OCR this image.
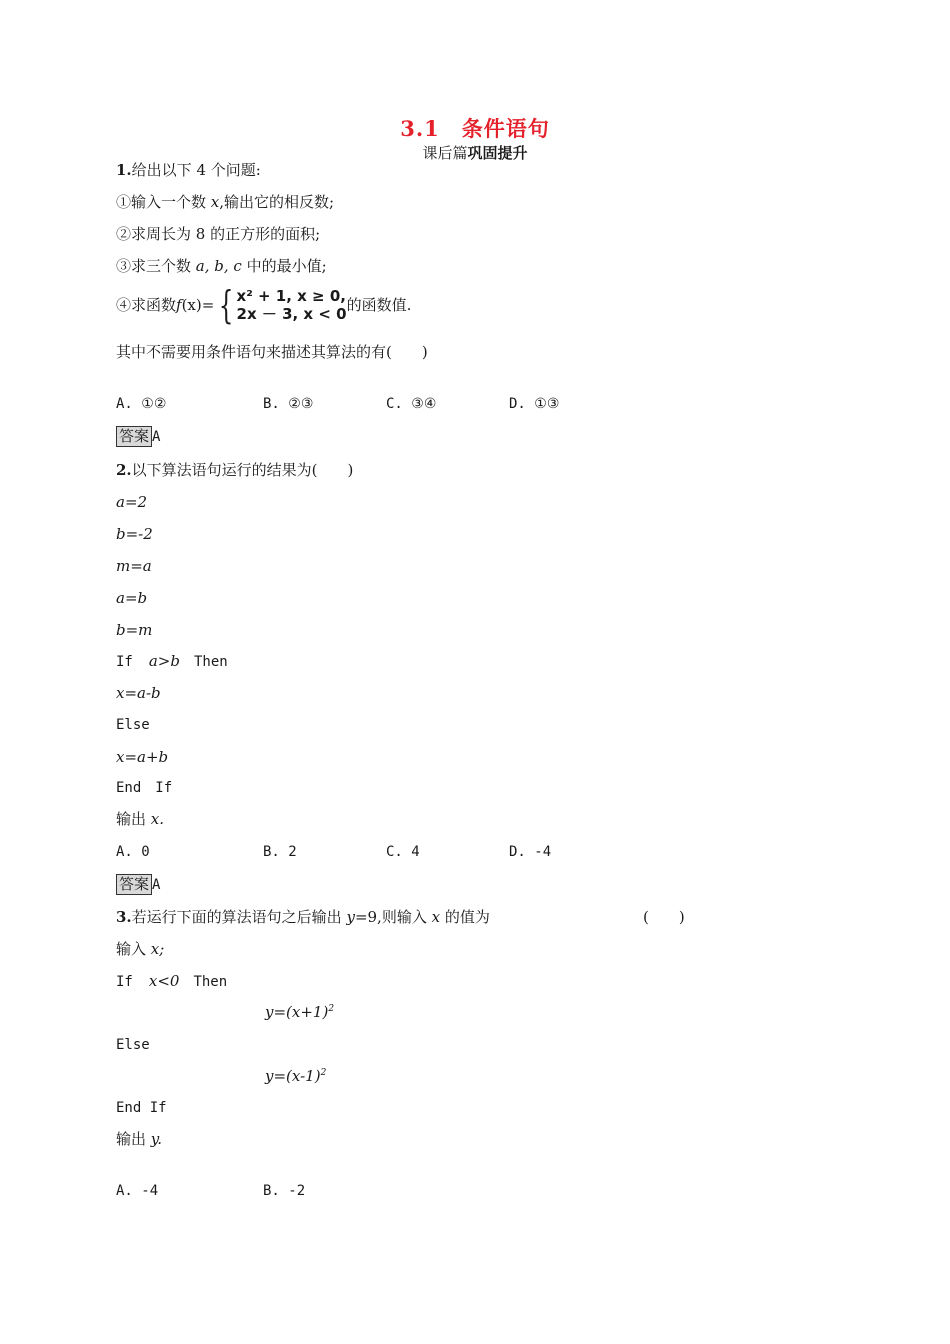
3.1　条件语句
课后篇巩固提升
1.给出以下 4 个问题:
①输入一个数 x,输出它的相反数;
②求周长为 8 的正方形的面积;
③求三个数 a, b, c 中的最小值;
④求函数 f (x) = { x² + 1, x ≥ 0,
2x － 3, x < 0
的函数值.
其中不需要用条件语句来描述其算法的有(　　)
A. ①②	B. ②③	C. ③④	D. ①③
答案 A
2.以下算法语句运行的结果为(　　)
a=2
b=-2
m=a
a=b
b=m
If a>b Then
x=a-b
Else
x=a+b
End　If
输出 x.
A. 0	B. 2	C. 4	D. -4
答案 A
3.若运行下面的算法语句之后输出 y=9,则输入 x 的值为	(　　)
输入 x;
If x<0 Then
$y=(x+1)^2$
Else
$y=(x-1)^2$
End If
输出 y.
A. -4	B. -2
